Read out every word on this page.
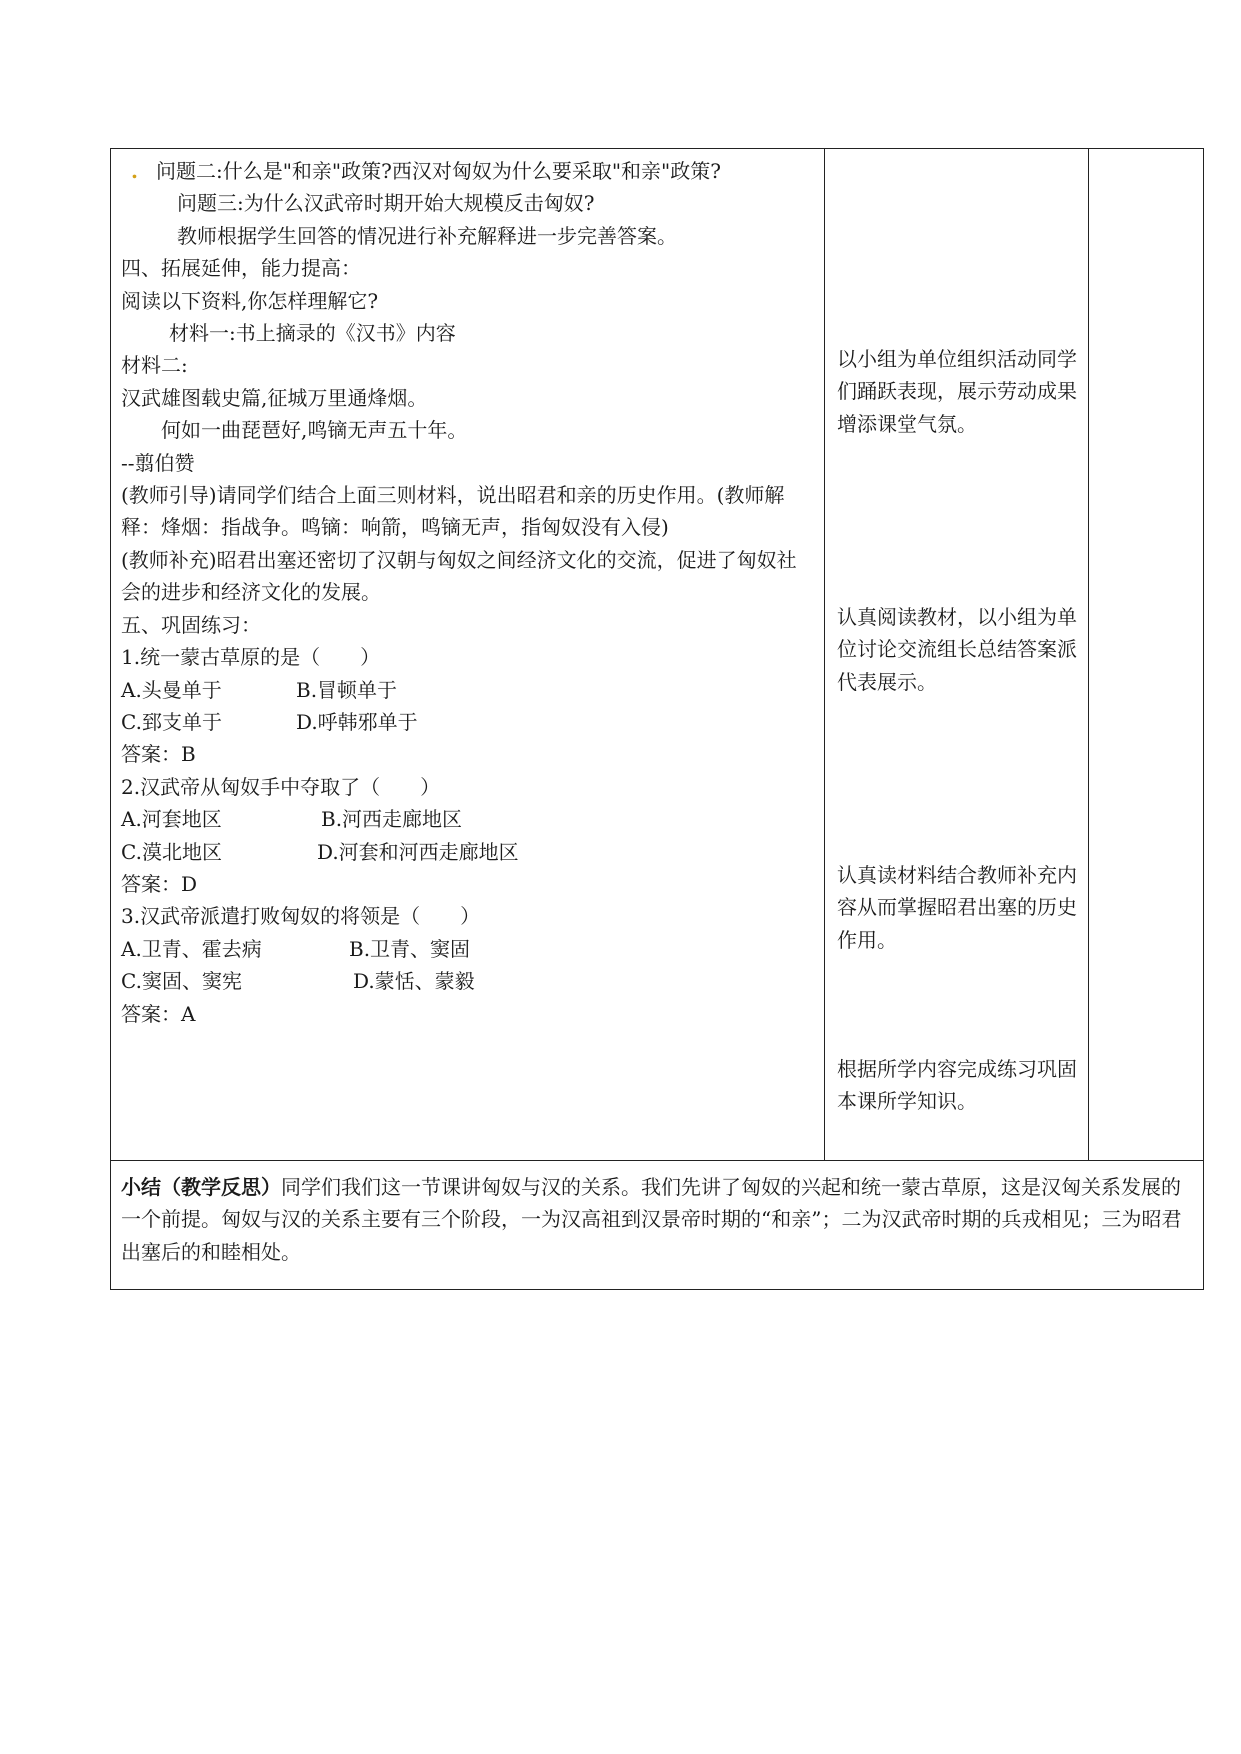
. 问题二:什么是"和亲"政策?西汉对匈奴为什么要采取"和亲"政策?
问题三:为什么汉武帝时期开始大规模反击匈奴?
教师根据学生回答的情况进行补充解释进一步完善答案。
四、拓展延伸，能力提高：
阅读以下资料,你怎样理解它?
材料一:书上摘录的《汉书》内容
材料二:
汉武雄图载史篇,征城万里通烽烟。
何如一曲琵琶好,鸣镝无声五十年。
--翦伯赞
(教师引导)请同学们结合上面三则材料，说出昭君和亲的历史作用。(教师解释：烽烟：指战争。鸣镝：响箭，鸣镝无声，指匈奴没有入侵)
(教师补充)昭君出塞还密切了汉朝与匈奴之间经济文化的交流，促进了匈奴社会的进步和经济文化的发展。
五、巩固练习：
1.统一蒙古草原的是（　　）
A.头曼单于	B.冒顿单于
C.郅支单于	D.呼韩邪单于
答案：B
2.汉武帝从匈奴手中夺取了（　　）
A.河套地区	B.河西走廊地区
C.漠北地区	D.河套和河西走廊地区
答案：D
3.汉武帝派遣打败匈奴的将领是（　　）
A.卫青、霍去病	B.卫青、窦固
C.窦固、窦宪	D.蒙恬、蒙毅
答案：A

以小组为单位组织活动同学们踊跃表现，展示劳动成果增添课堂气氛。
认真阅读教材，以小组为单位讨论交流组长总结答案派代表展示。
认真读材料结合教师补充内容从而掌握昭君出塞的历史作用。
根据所学内容完成练习巩固本课所学知识。

小结（教学反思）同学们我们这一节课讲匈奴与汉的关系。我们先讲了匈奴的兴起和统一蒙古草原，这是汉匈关系发展的一个前提。匈奴与汉的关系主要有三个阶段，一为汉高祖到汉景帝时期的“和亲”；二为汉武帝时期的兵戎相见；三为昭君出塞后的和睦相处。
